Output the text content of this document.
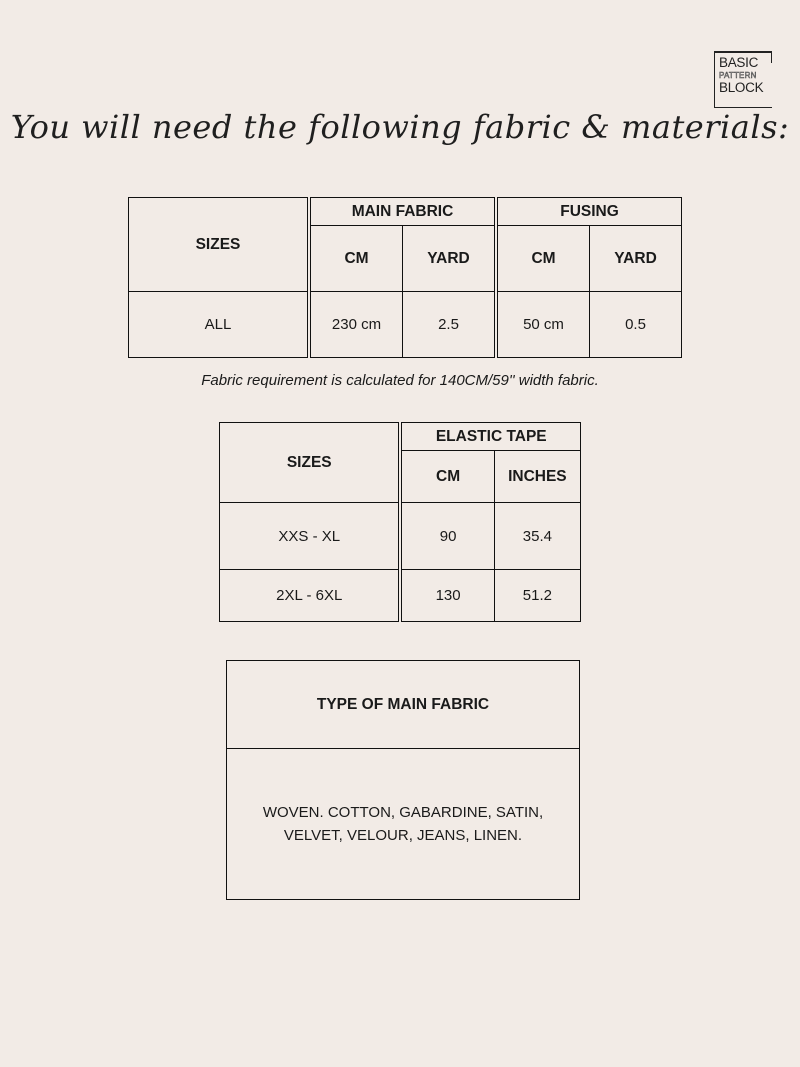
BASIC
PATTERN
BLOCK
You will need the following fabric & materials:
SIZES		MAIN FABRIC			FUSING	
		CM	YARD		CM	YARD
ALL		230 cm	2.5		50 cm	0.5
Fabric requirement is calculated for 140CM/59'' width fabric.
SIZES		ELASTIC TAPE	
		CM	INCHES
XXS - XL		90	35.4
2XL - 6XL		130	51.2
TYPE OF MAIN FABRIC

WOVEN. COTTON, GABARDINE, SATIN,
VELVET, VELOUR, JEANS, LINEN.
